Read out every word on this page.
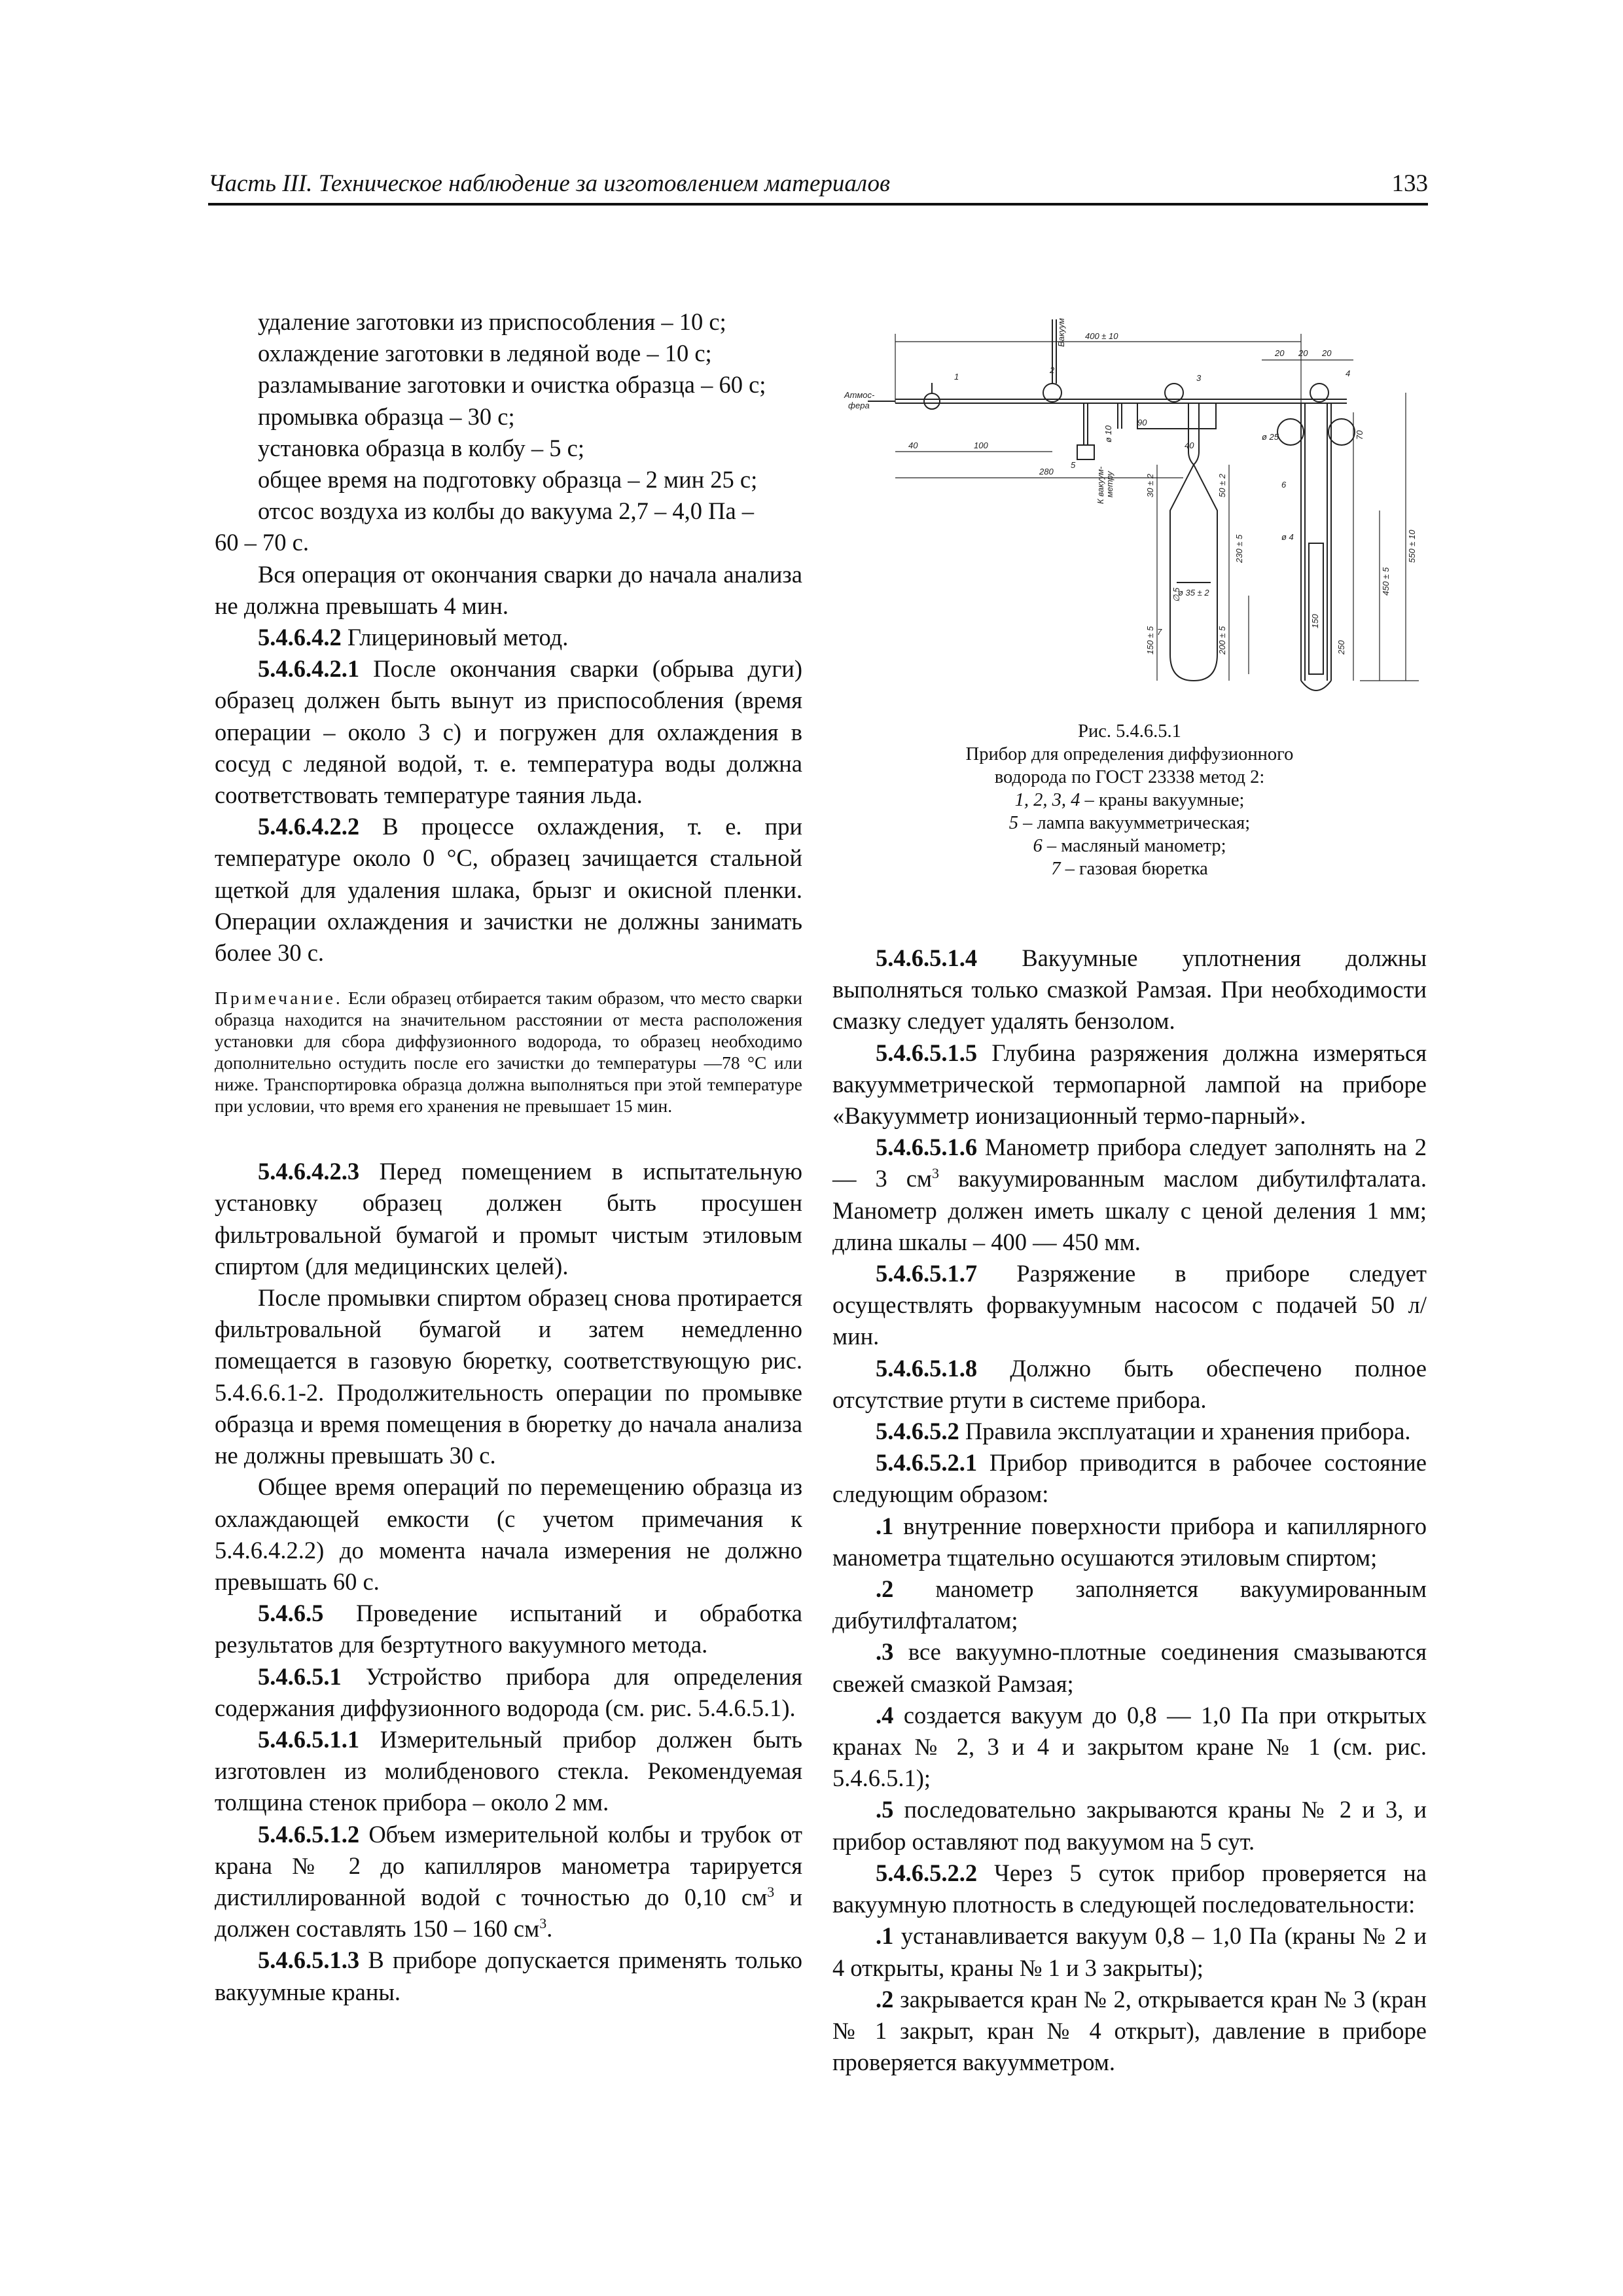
Часть III. Техническое наблюдение за изготовлением материалов	133

удаление заготовки из приспособления – 10 с;

охлаждение заготовки в ледяной воде – 10 с;

разламывание заготовки и очистка образца – 60 с;

промывка образца – 30 с;

установка образца в колбу – 5 с;

общее время на подготовку образца – 2 мин 25 с;

отсос воздуха из колбы до вакуума 2,7 – 4,0 Па –

60 – 70 с.

Вся операция от окончания сварки до начала анализа не должна превышать 4 мин.

5.4.6.4.2 Глицериновый метод.

5.4.6.4.2.1 После окончания сварки (обрыва дуги) образец должен быть вынут из приспособления (время операции – около 3 с) и погружен для охлаждения в сосуд с ледяной водой, т. е. температура воды должна соответствовать температуре таяния льда.

5.4.6.4.2.2 В процессе охлаждения, т. е. при температуре около 0 °С, образец зачищается стальной щеткой для удаления шлака, брызг и окисной пленки. Операции охлаждения и зачистки не должны занимать более 30 с.

Примечание. Если образец отбирается таким образом, что место сварки образца находится на значительном расстоянии от места расположения установки для сбора диффузионного водорода, то образец необходимо дополнительно остудить после его зачистки до температуры —78 °С или ниже. Транспортировка образца должна выполняться при этой температуре при условии, что время его хранения не превышает 15 мин.

5.4.6.4.2.3 Перед помещением в испытательную установку образец должен быть просушен фильтровальной бумагой и промыт чистым этиловым спиртом (для медицинских целей).

После промывки спиртом образец снова протирается фильтровальной бумагой и затем немедленно помещается в газовую бюретку, соответствующую рис. 5.4.6.6.1-2. Продолжительность операции по промывке образца и время помещения в бюретку до начала анализа не должны превышать 30 с.

Общее время операций по перемещению образца из охлаждающей емкости (с учетом примечания к 5.4.6.4.2.2) до момента начала измерения не должно превышать 60 с.

5.4.6.5 Проведение испытаний и обработка результатов для безртутного вакуумного метода.

5.4.6.5.1 Устройство прибора для определения содержания диффузионного водорода (см. рис. 5.4.6.5.1).

5.4.6.5.1.1 Измерительный прибор должен быть изготовлен из молибденового стекла. Рекомендуемая толщина стенок прибора – около 2 мм.

5.4.6.5.1.2 Объем измерительной колбы и трубок от крана № 2 до капилляров манометра тарируется дистиллированной водой с точностью до 0,10 $см^3$ и должен составлять 150 – 160 $см^3$.

5.4.6.5.1.3 В приборе допускается применять только вакуумные краны.

Атмос-
фера
Вакуум
К вакуум- метру
1
2
3	4
5
6
7
400 ± 10
20 20 20
40	100
90
40
280
ø 10
30 ± 2	50 ± 2
230 ± 5
200 ± 5
150 ± 5
∅ 5
ø 35 ± 2
ø 4
ø 25	70
550 ± 10
450 ± 5
250
150
Рис. 5.4.6.5.1
Прибор для определения диффузионного
водорода по ГОСТ 23338 метод 2:
1, 2, 3, 4 – краны вакуумные;
5 – лампа вакуумметрическая;
6 – масляный манометр;
7 – газовая бюретка

5.4.6.5.1.4 Вакуумные уплотнения должны выполняться только смазкой Рамзая. При необходимости смазку следует удалять бензолом.

5.4.6.5.1.5 Глубина разряжения должна измеряться вакуумметрической термопарной лампой на приборе «Вакуумметр ионизационный термо-парный».

5.4.6.5.1.6 Манометр прибора следует заполнять на 2 — 3 $см^3$ вакуумированным маслом дибутилфталата. Манометр должен иметь шкалу с ценой деления 1 мм; длина шкалы – 400 — 450 мм.

5.4.6.5.1.7 Разряжение в приборе следует осуществлять форвакуумным насосом с подачей 50 л/мин.

5.4.6.5.1.8 Должно быть обеспечено полное отсутствие ртути в системе прибора.

5.4.6.5.2 Правила эксплуатации и хранения прибора.

5.4.6.5.2.1 Прибор приводится в рабочее состояние следующим образом:

.1 внутренние поверхности прибора и капиллярного манометра тщательно осушаются этиловым спиртом;

.2 манометр заполняется вакуумированным дибутилфталатом;

.3 все вакуумно-плотные соединения смазываются свежей смазкой Рамзая;

.4 создается вакуум до 0,8 — 1,0 Па при открытых кранах № 2, 3 и 4 и закрытом кране № 1 (см. рис. 5.4.6.5.1);

.5 последовательно закрываются краны № 2 и 3, и прибор оставляют под вакуумом на 5 сут.

5.4.6.5.2.2 Через 5 суток прибор проверяется на вакуумную плотность в следующей последовательности:

.1 устанавливается вакуум 0,8 – 1,0 Па (краны № 2 и 4 открыты, краны № 1 и 3 закрыты);

.2 закрывается кран № 2, открывается кран № 3 (кран № 1 закрыт, кран № 4 открыт), давление в приборе проверяется вакуумметром.
